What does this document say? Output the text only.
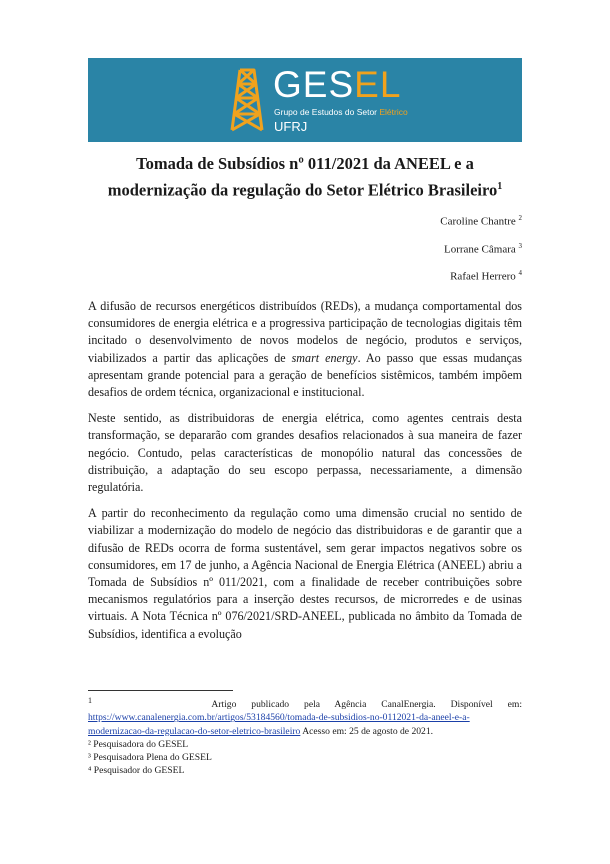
GESEL
Grupo de Estudos do Setor Elétrico
UFRJ
Tomada de Subsídios nº 011/2021 da ANEEL e a
modernização da regulação do Setor Elétrico Brasileiro$^1$
Caroline Chantre $^2$
Lorrane Câmara $^3$
Rafael Herrero $^4$

A difusão de recursos energéticos distribuídos (REDs), a mudança comportamental dos consumidores de energia elétrica e a progressiva participação de tecnologias digitais têm incitado o desenvolvimento de novos modelos de negócio, produtos e serviços, viabilizados a partir das aplicações de smart energy. Ao passo que essas mudanças apresentam grande potencial para a geração de benefícios sistêmicos, também impõem desafios de ordem técnica, organizacional e institucional.

Neste sentido, as distribuidoras de energia elétrica, como agentes centrais desta transformação, se depararão com grandes desafios relacionados à sua maneira de fazer negócio. Contudo, pelas características de monopólio natural das concessões de distribuição, a adaptação do seu escopo perpassa, necessariamente, a dimensão regulatória.

A partir do reconhecimento da regulação como uma dimensão crucial no sentido de viabilizar a modernização do modelo de negócio das distribuidoras e de garantir que a difusão de REDs ocorra de forma sustentável, sem gerar impactos negativos sobre os consumidores, em 17 de junho, a Agência Nacional de Energia Elétrica (ANEEL) abriu a Tomada de Subsídios nº 011/2021, com a finalidade de receber contribuições sobre mecanismos regulatórios para a inserção destes recursos, de microrredes e de usinas virtuais. A Nota Técnica nº 076/2021/SRD-ANEEL, publicada no âmbito da Tomada de Subsídios, identifica a evolução

$^1$	Artigo publicado pela Agência CanalEnergia. Disponível em: https://www.canalenergia.com.br/artigos/53184560/tomada-de-subsidios-no-0112021-da-aneel-e-a-modernizacao-da-regulacao-do-setor-eletrico-brasileiro Acesso em: 25 de agosto de 2021.
² Pesquisadora do GESEL
³ Pesquisadora Plena do GESEL
⁴ Pesquisador do GESEL
